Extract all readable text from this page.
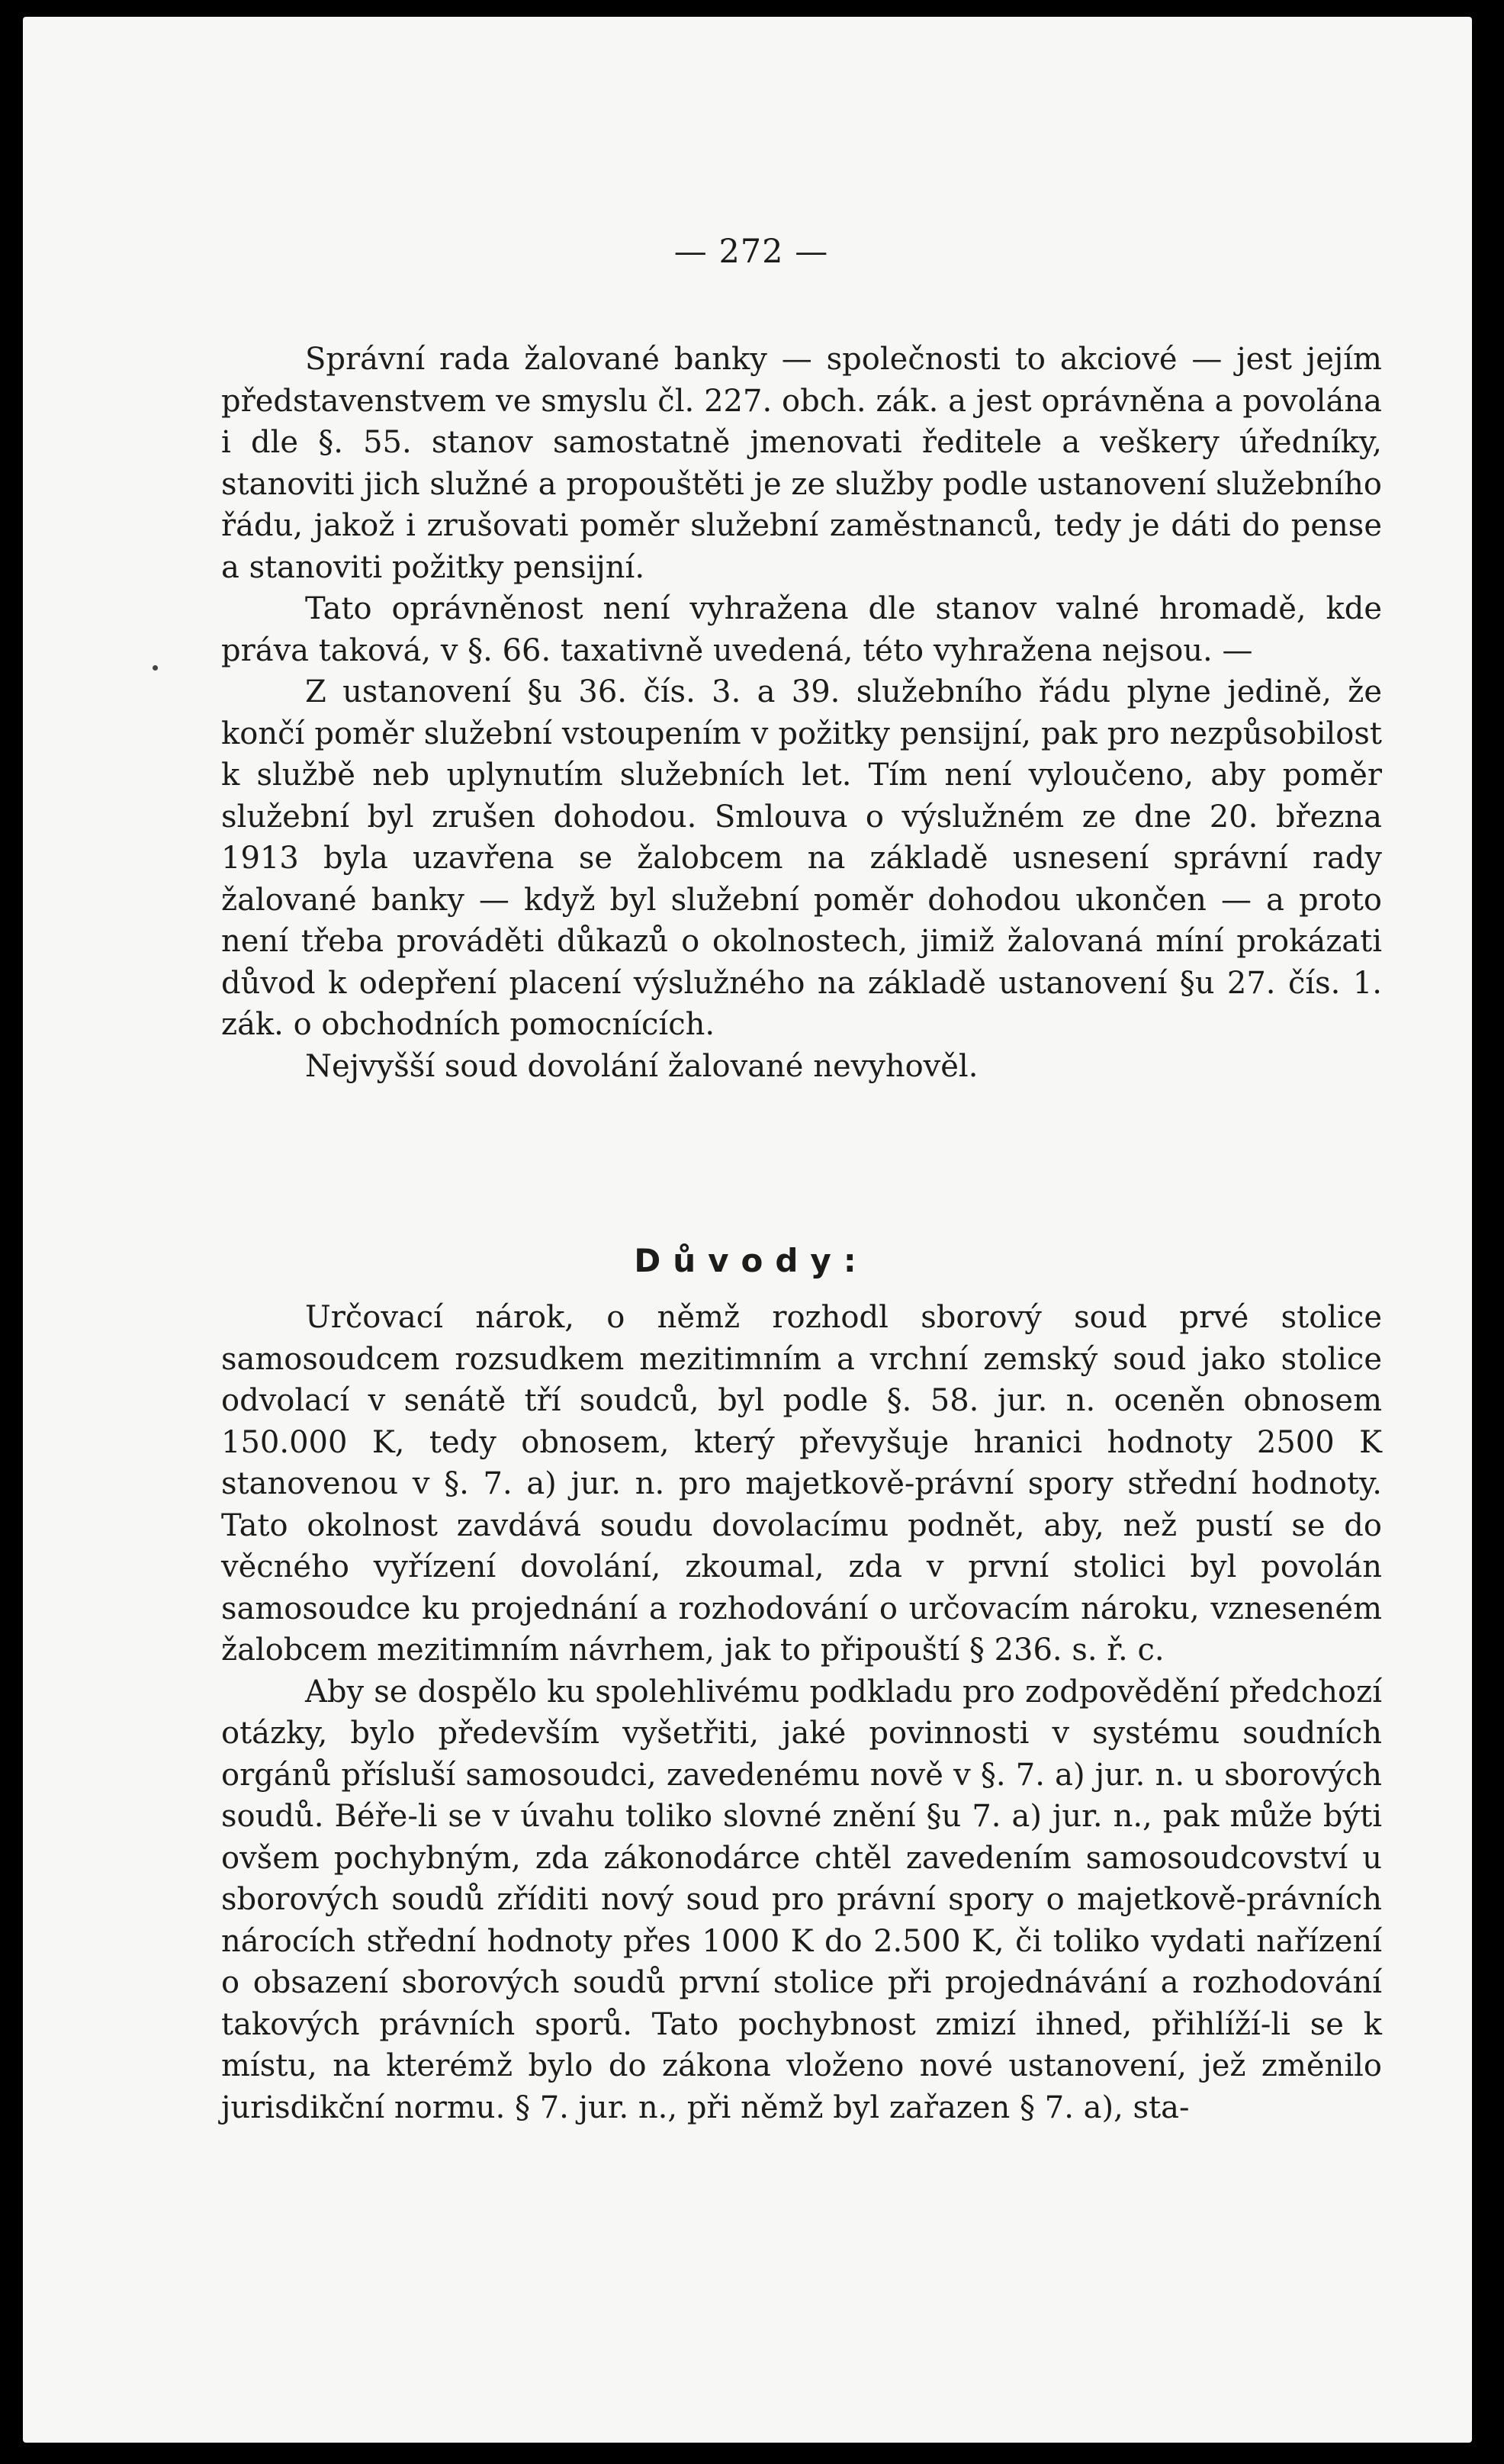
— 272 —

Správní rada žalované banky — společnosti to akciové — jest jejím představenstvem ve smyslu čl. 227. obch. zák. a jest oprávněna a povolána i dle §. 55. stanov samostatně jmenovati ředitele a veškery úředníky, stanoviti jich služné a propouštěti je ze služby podle ustanovení služebního řádu, jakož i zrušovati poměr služební zaměstnanců, tedy je dáti do pense a stanoviti požitky pensijní.

Tato oprávněnost není vyhražena dle stanov valné hromadě, kde práva taková, v §. 66. taxativně uvedená, této vyhražena nejsou. —

Z ustanovení §u 36. čís. 3. a 39. služebního řádu plyne jedině, že končí poměr služební vstoupením v požitky pensijní, pak pro nezpůsobilost k službě neb uplynutím služebních let. Tím není vyloučeno, aby poměr služební byl zrušen dohodou. Smlouva o výslužném ze dne 20. března 1913 byla uzavřena se žalobcem na základě usnesení správní rady žalované banky — když byl služební poměr dohodou ukončen — a proto není třeba prováděti důkazů o okolnostech, jimiž žalovaná míní prokázati důvod k odepření placení výslužného na základě ustanovení §u 27. čís. 1. zák. o obchodních pomocnících.

Nejvyšší soud dovolání žalované nevyhověl.

Důvody:

Určovací nárok, o němž rozhodl sborový soud prvé stolice samosoudcem rozsudkem mezitimním a vrchní zemský soud jako stolice odvolací v senátě tří soudců, byl podle §. 58. jur. n. oceněn obnosem 150.000 K, tedy obnosem, který převyšuje hranici hodnoty 2500 K stanovenou v §. 7. a) jur. n. pro majetkově-právní spory střední hodnoty. Tato okolnost zavdává soudu dovolacímu podnět, aby, než pustí se do věcného vyřízení dovolání, zkoumal, zda v první stolici byl povolán samosoudce ku projednání a rozhodování o určovacím nároku, vzneseném žalobcem mezitimním návrhem, jak to připouští § 236. s. ř. c.

Aby se dospělo ku spolehlivému podkladu pro zodpovědění předchozí otázky, bylo především vyšetřiti, jaké povinnosti v systému soudních orgánů přísluší samosoudci, zavedenému nově v §. 7. a) jur. n. u sborových soudů. Béře-li se v úvahu toliko slovné znění §u 7. a) jur. n., pak může býti ovšem pochybným, zda zákonodárce chtěl zavedením samosoudcovství u sborových soudů zříditi nový soud pro právní spory o majetkově-právních nárocích střední hodnoty přes 1000 K do 2.500 K, či toliko vydati nařízení o obsazení sborových soudů první stolice při projednávání a rozhodování takových právních sporů. Tato pochybnost zmizí ihned, přihlíží-li se k místu, na kterémž bylo do zákona vloženo nové ustanovení, jež změnilo jurisdikční normu. § 7. jur. n., při němž byl zařazen § 7. a), sta-
